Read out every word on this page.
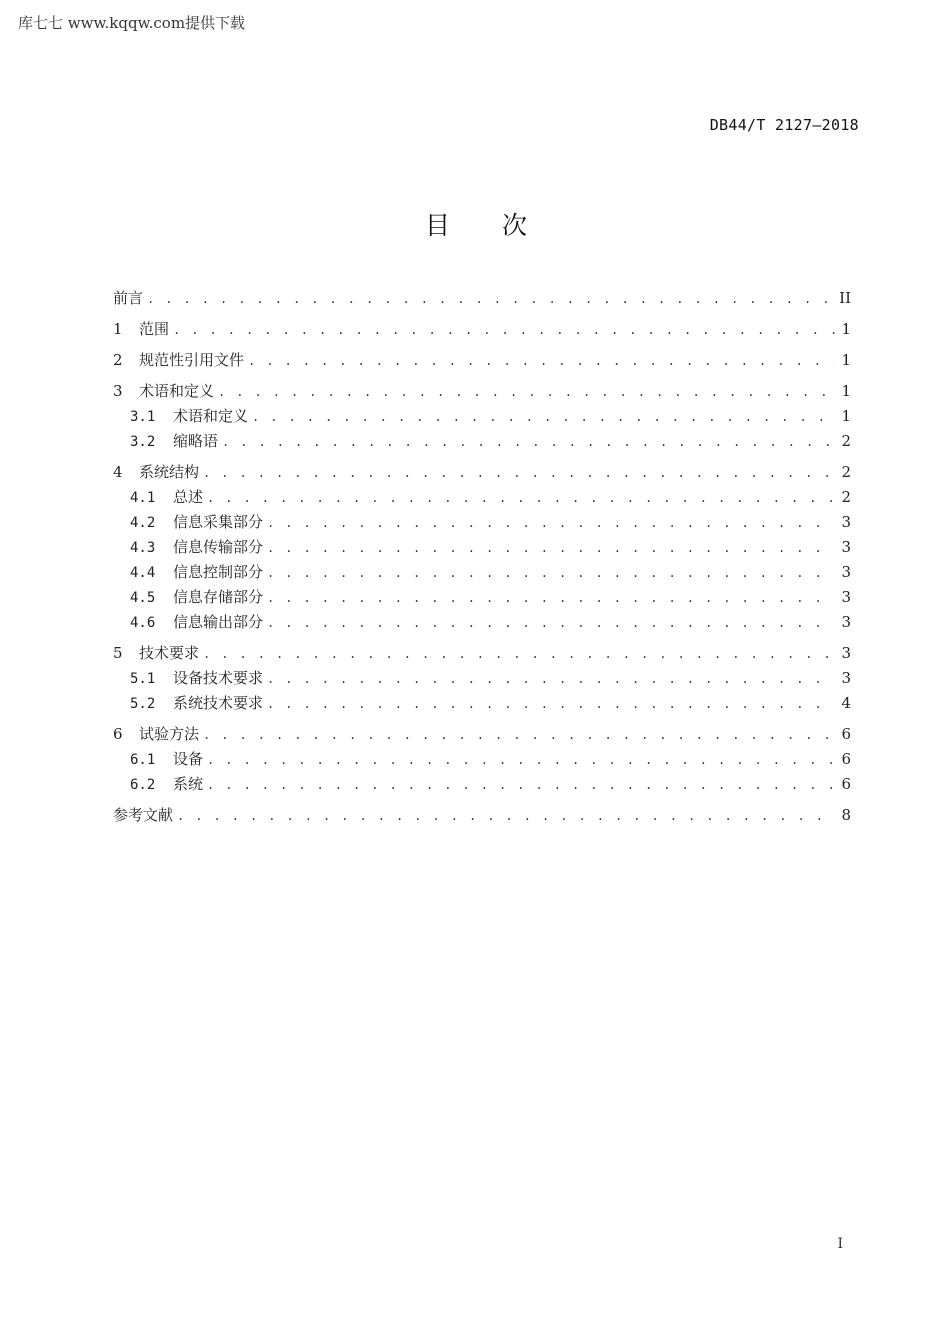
库七七 www.kqqw.com提供下载
DB44/T 2127—2018
目 次
前言 . . .	II
1	范围 . . .	1
2	规范性引用文件 . . .	1
3	术语和定义 . . .	1
3.1	术语和定义 . . .	1
3.2	缩略语 . . .	2
4	系统结构 . . .	2
4.1	总述 . . .	2
4.2	信息采集部分 . . .	3
4.3	信息传输部分 . . .	3
4.4	信息控制部分 . . .	3
4.5	信息存储部分 . . .	3
4.6	信息输出部分 . . .	3
5	技术要求 . . .	3
5.1	设备技术要求 . . .	3
5.2	系统技术要求 . . .	4
6	试验方法 . . .	6
6.1	设备 . . .	6
6.2	系统 . . .	6
参考文献 . . .	8
I
